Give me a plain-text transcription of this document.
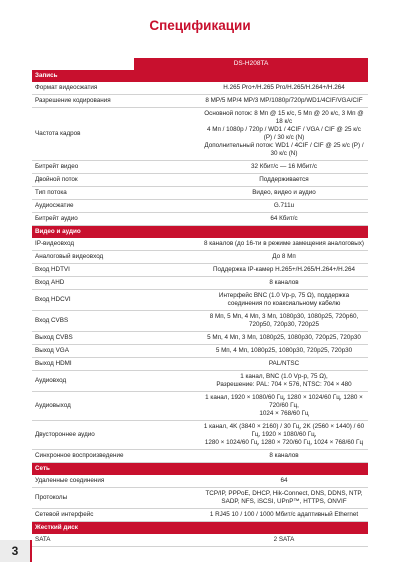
Спецификации
DS-H208TA
Запись	
Формат видеосжатия	H.265 Pro+/H.265 Pro/H.265/H.264+/H.264
Разрешение кодирования	8 MP/5 MP/4 MP/3 MP/1080p/720p/WD1/4CIF/VGA/CIF
Частота кадров	Основной поток: 8 Мп @ 15 к/с, 5 Мп @ 20 к/с, 3 Мп @ 18 к/с
4 Мп / 1080p / 720p / WD1 / 4CIF / VGA / CIF @ 25 к/с (P) / 30 к/с (N)
Дополнительный поток: WD1 / 4CIF / CIF @ 25 к/с (P) / 30 к/с (N)
Битрейт видео	32 Кбит/с — 16 Мбит/с
Двойной поток	Поддерживается
Тип потока	Видео, видео и аудио
Аудиосжатие	G.711u
Битрейт аудио	64 Кбит/с
Видео и аудио	
IP-видеовход	8 каналов (до 16-ти в режиме замещения аналоговых)
Аналоговый видеовход	До 8 Мп
Вход HDTVI	Поддержка IP-камер H.265+/H.265/H.264+/H.264
Вход AHD	8 каналов
Вход HDCVI	Интерфейс BNC (1.0 Vp-p, 75 Ω), поддержка соединения по коаксиальному кабелю
Вход CVBS	8 Мп, 5 Мп, 4 Мп, 3 Мп, 1080p30, 1080p25, 720p60, 720p50, 720p30, 720p25
Выход CVBS	5 Мп, 4 Мп, 3 Мп, 1080p25, 1080p30, 720p25, 720p30
Выход VGA	5 Мп, 4 Мп, 1080p25, 1080p30, 720p25, 720p30
Выход HDMI	PAL/NTSC
Аудиовход	1 канал, BNC (1.0 Vp-p, 75 Ω),
Разрешение: PAL: 704 × 576, NTSC: 704 × 480
Аудиовыход	1 канал, 1920 × 1080/60 Гц, 1280 × 1024/60 Гц, 1280 × 720/60 Гц,
1024 × 768/60 Гц
Двустороннее аудио	1 канал, 4K (3840 × 2160) / 30 Гц, 2K (2560 × 1440) / 60 Гц, 1920 × 1080/60 Гц,
1280 × 1024/60 Гц, 1280 × 720/60 Гц, 1024 × 768/60 Гц
Синхронное воспроизведение	8 каналов
Сеть	
Удаленные соединения	64
Протоколы	TCP/IP, PPPoE, DHCP, Hik-Connect, DNS, DDNS, NTP, SADP, NFS, iSCSI, UPnP™, HTTPS, ONVIF
Сетевой интерфейс	1 RJ45 10 / 100 / 1000 Мбит/с адаптивный Ethernet
Жесткий диск	
SATA	2 SATA
3
